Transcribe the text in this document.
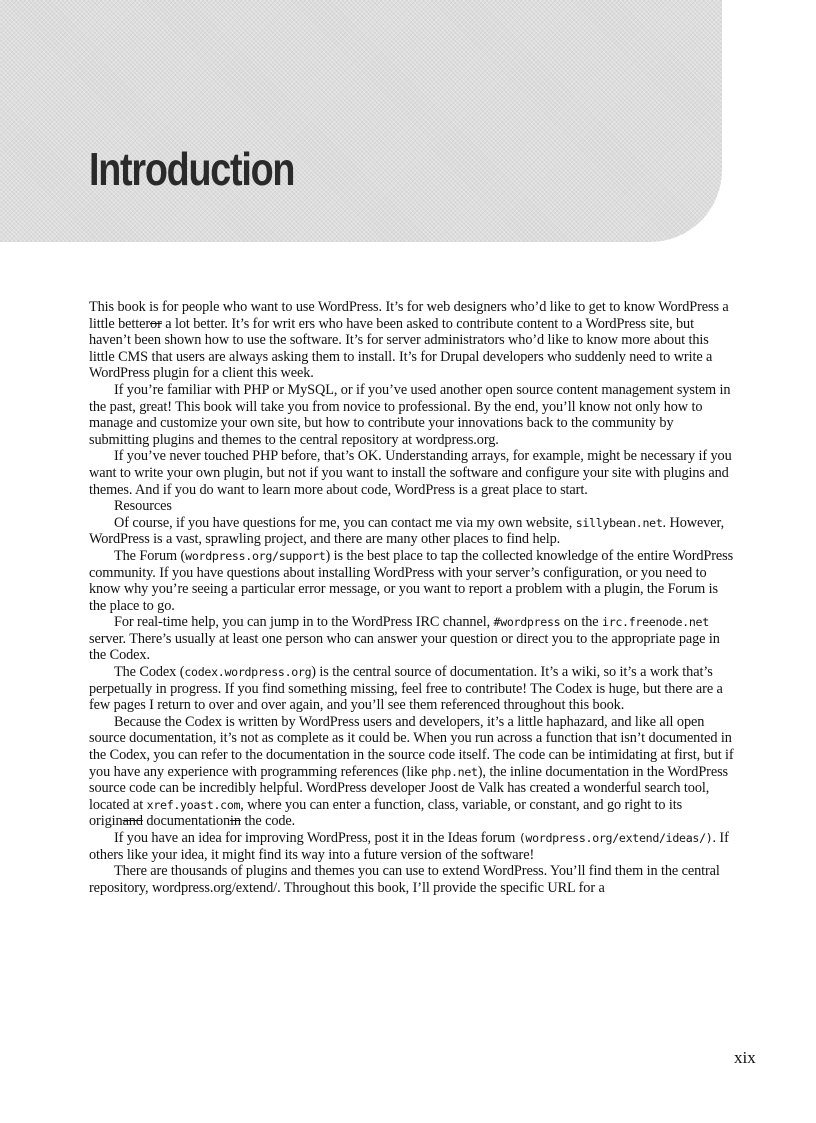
Introduction

This book is for people who want to use WordPress. It’s for web designers who’d like to get to know WordPress a little betteror a lot better. It’s for writ ers who have been asked to contribute content to a WordPress site, but haven’t been shown how to use the software. It’s for server administrators who’d like to know more about this little CMS that users are always asking them to install. It’s for Drupal developers who suddenly need to write a WordPress plugin for a client this week.

If you’re familiar with PHP or MySQL, or if you’ve used another open source content management system in the past, great! This book will take you from novice to professional. By the end, you’ll know not only how to manage and customize your own site, but how to contribute your innovations back to the community by submitting plugins and themes to the central repository at wordpress.org.

If you’ve never touched PHP before, that’s OK. Understanding arrays, for example, might be necessary if you want to write your own plugin, but not if you want to install the software and configure your site with plugins and themes. And if you do want to learn more about code, WordPress is a great place to start.

Resources

Of course, if you have questions for me, you can contact me via my own website, sillybean.net. However, WordPress is a vast, sprawling project, and there are many other places to find help.

The Forum (wordpress.org/support) is the best place to tap the collected knowledge of the entire WordPress community. If you have questions about installing WordPress with your server’s configuration, or you need to know why you’re seeing a particular error message, or you want to report a problem with a plugin, the Forum is the place to go.

For real-time help, you can jump in to the WordPress IRC channel, #wordpress on the irc.freenode.net server. There’s usually at least one person who can answer your question or direct you to the appropriate page in the Codex.

The Codex (codex.wordpress.org) is the central source of documentation. It’s a wiki, so it’s a work that’s perpetually in progress. If you find something missing, feel free to contribute! The Codex is huge, but there are a few pages I return to over and over again, and you’ll see them referenced throughout this book.

Because the Codex is written by WordPress users and developers, it’s a little haphazard, and like all open source documentation, it’s not as complete as it could be. When you run across a function that isn’t documented in the Codex, you can refer to the documentation in the source code itself. The code can be intimidating at first, but if you have any experience with programming references (like php.net), the inline documentation in the WordPress source code can be incredibly helpful. WordPress developer Joost de Valk has created a wonderful search tool, located at xref.yoast.com, where you can enter a function, class, variable, or constant, and go right to its originand documentationin the code.

If you have an idea for improving WordPress, post it in the Ideas forum (wordpress.org/extend/ideas/). If others like your idea, it might find its way into a future version of the software!

There are thousands of plugins and themes you can use to extend WordPress. You’ll find them in the central repository, wordpress.org/extend/. Throughout this book, I’ll provide the specific URL for a

xix
